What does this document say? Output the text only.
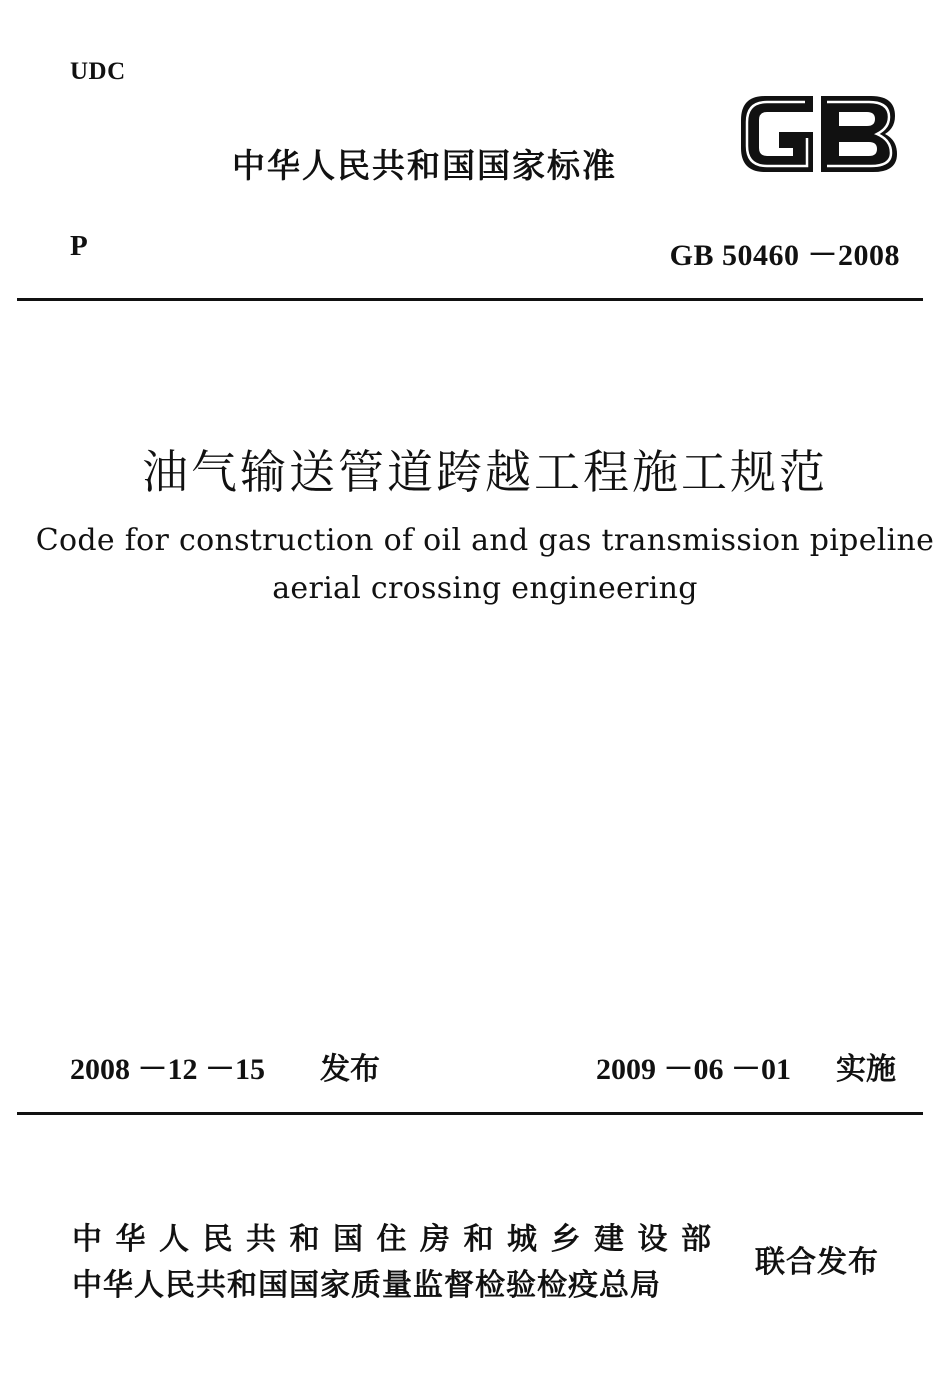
UDC
中华人民共和国国家标准
P	GB 50460 －2008
油气输送管道跨越工程施工规范
Code for construction of oil and gas transmission pipeline
aerial crossing engineering
2008 －12 －15 发布	2009 －06 －01 实施
中华人民共和国住房和城乡建设部
中华人民共和国国家质量监督检验检疫总局
联合发布
